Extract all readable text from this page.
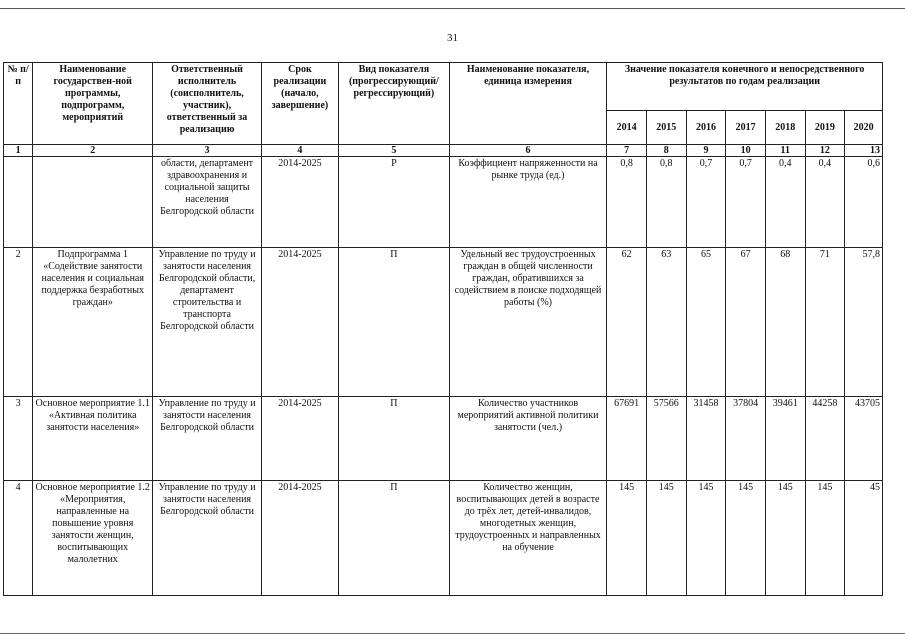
31
№ п/п	Наименование государствен-ной программы, подпрограмм, мероприятий	Ответственный исполнитель (соисполнитель, участник), ответственный за реализацию	Срок реализации (начало, завершение)	Вид показателя (прогрессирующий/ регрессирующий)	Наименование показателя, единица измерения	Значение показателя конечного и непосредственного результатов по годам реализации						
						2014	2015	2016	2017	2018	2019	2020
1	2	3	4	5	6	7	8	9	10	11	12	13
		области, департамент здравоохранения и социальной защиты населения Белгородской области	2014-2025	Р	Коэффициент напряженности на рынке труда (ед.)	0,8	0,8	0,7	0,7	0,4	0,4	0,6
2	Подпрограмма 1 «Содействие занятости населения и социальная поддержка безработных граждан»	Управление по труду и занятости населения Белгородской области, департамент строительства и транспорта Белгородской области	2014-2025	П	Удельный вес трудоустроенных граждан в общей численности граждан, обратившихся за содействием в поиске подходящей работы (%)	62	63	65	67	68	71	57,8
3	Основное мероприятие 1.1 «Активная политика занятости населения»	Управление по труду и занятости населения Белгородской области	2014-2025	П	Количество участников мероприятий активной политики занятости (чел.)	67691	57566	31458	37804	39461	44258	43705
4	Основное мероприятие 1.2 «Мероприятия, направленные на повышение уровня занятости женщин, воспитывающих малолетних	Управление по труду и занятости населения Белгородской области	2014-2025	П	Количество женщин, воспитывающих детей в возрасте до трёх лет, детей-инвалидов, многодетных женщин, трудоустроенных и направленных на обучение	145	145	145	145	145	145	45
